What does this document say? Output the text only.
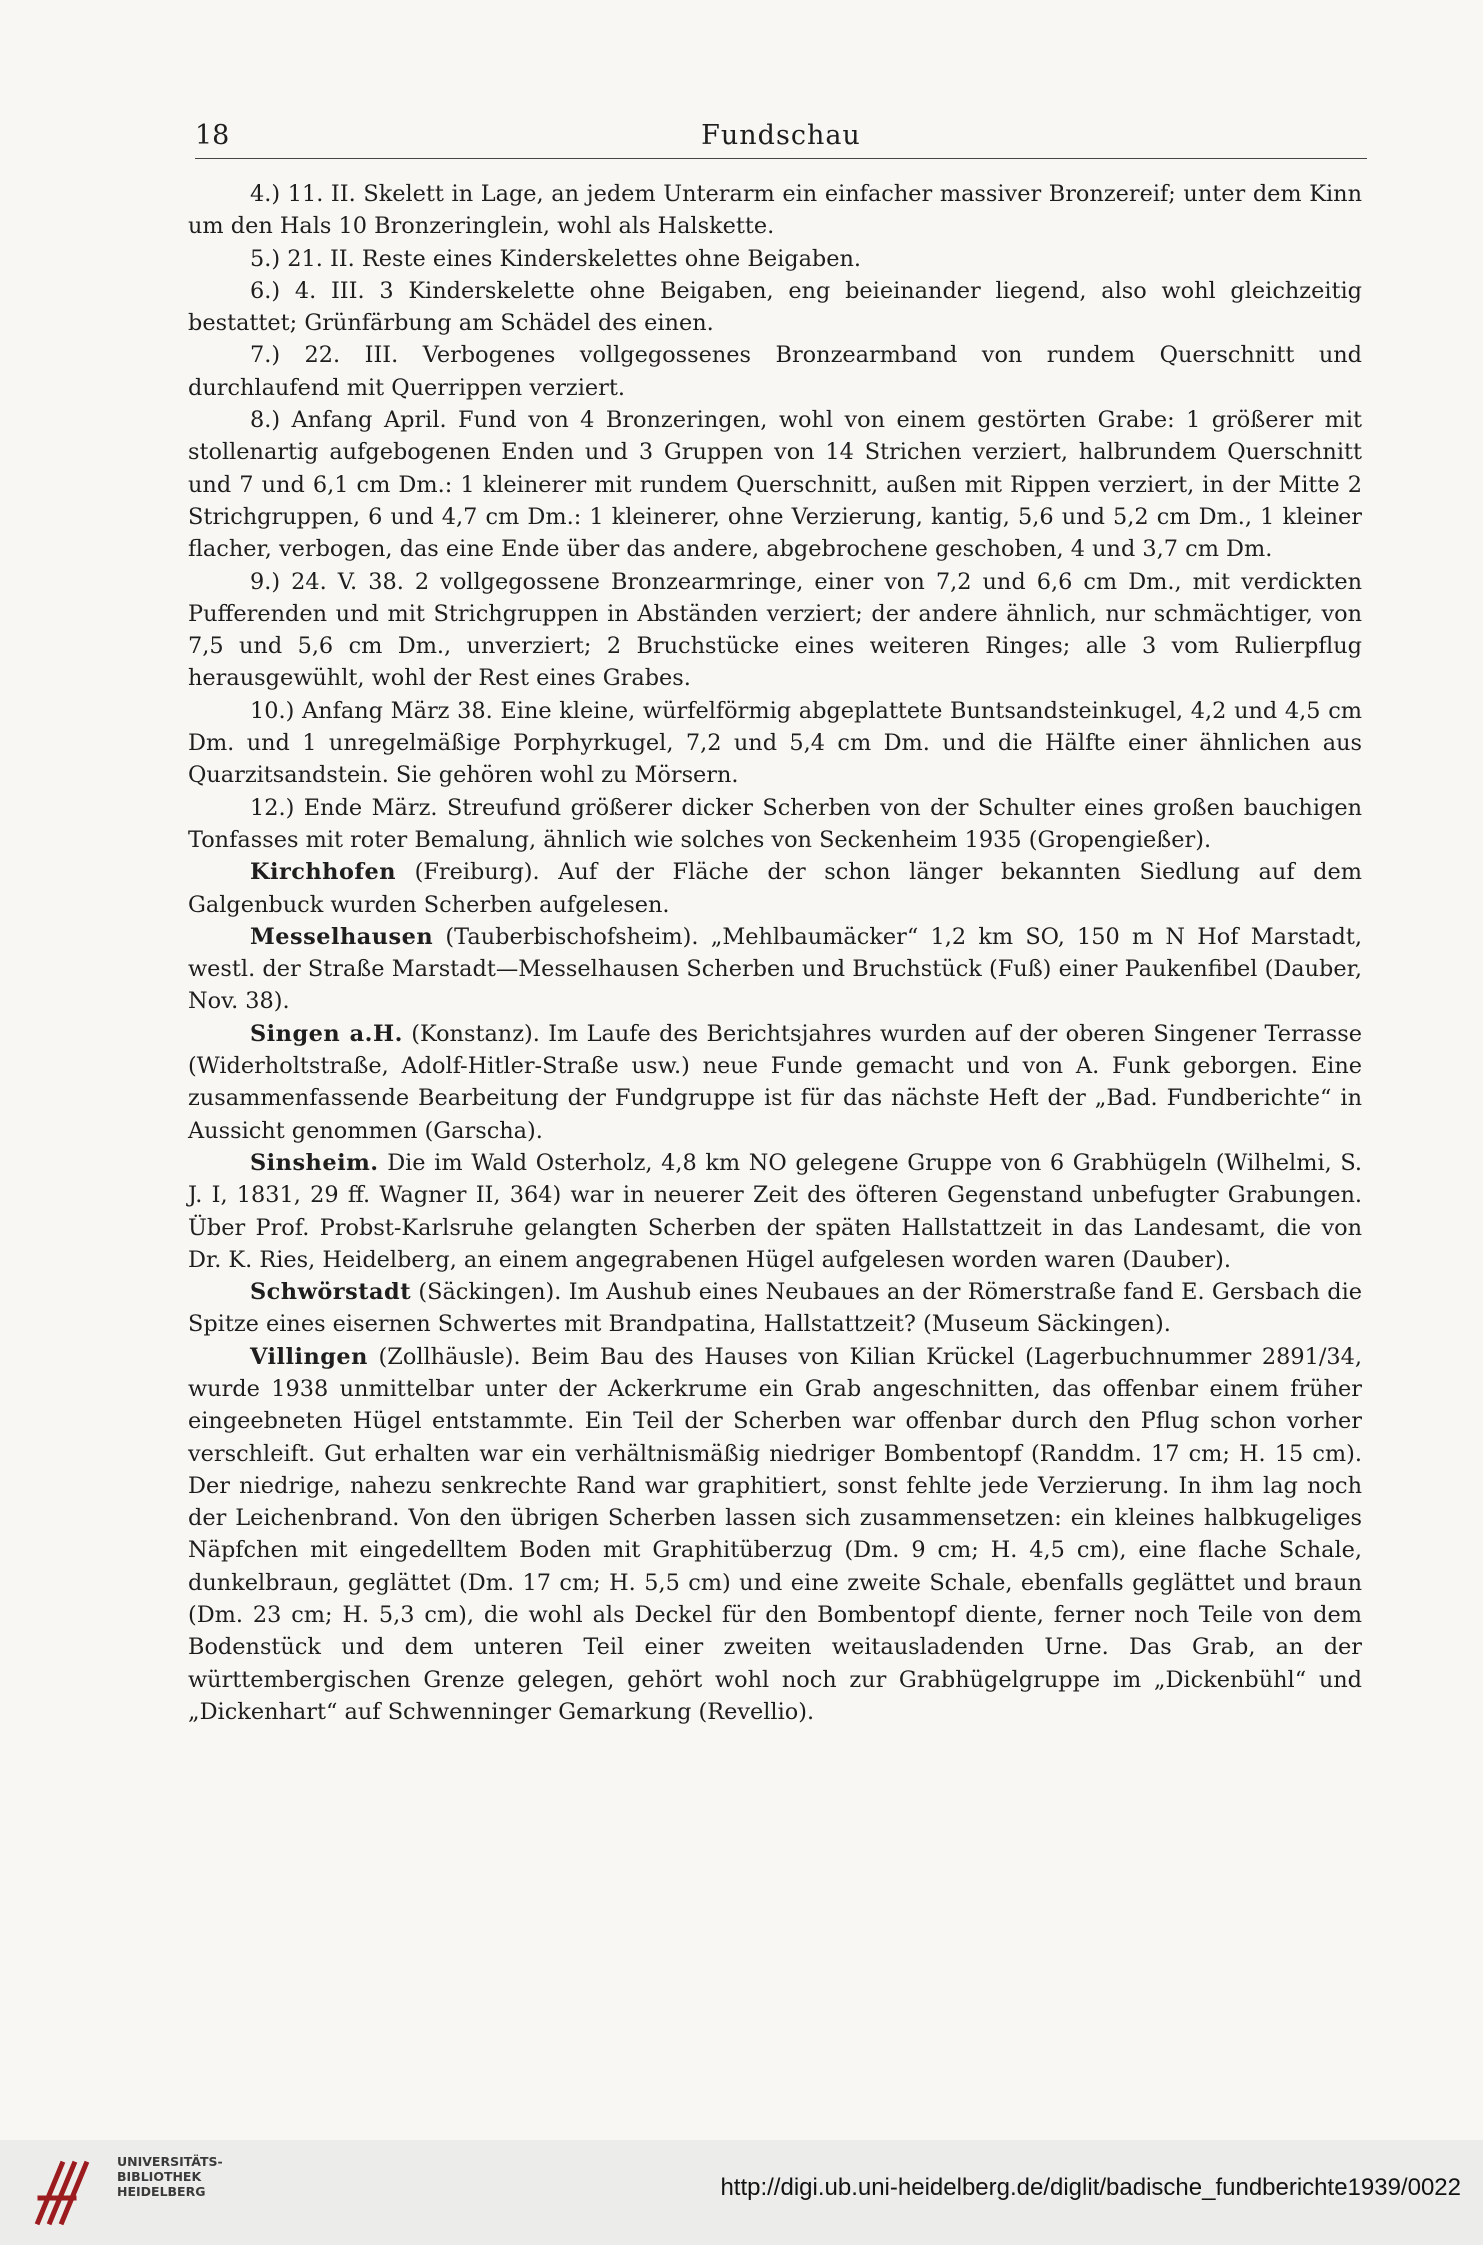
18	Fundschau

4.) 11. II. Skelett in Lage, an jedem Unterarm ein einfacher massiver Bronzereif; unter dem Kinn um den Hals 10 Bronzeringlein, wohl als Halskette.

5.) 21. II. Reste eines Kinderskelettes ohne Beigaben.

6.) 4. III. 3 Kinderskelette ohne Beigaben, eng beieinander liegend, also wohl gleichzeitig bestattet; Grünfärbung am Schädel des einen.

7.) 22. III. Verbogenes vollgegossenes Bronzearmband von rundem Querschnitt und durchlaufend mit Querrippen verziert.

8.) Anfang April. Fund von 4 Bronzeringen, wohl von einem gestörten Grabe: 1 größerer mit stollenartig aufgebogenen Enden und 3 Gruppen von 14 Strichen verziert, halbrundem Querschnitt und 7 und 6,1 cm Dm.: 1 kleinerer mit rundem Querschnitt, außen mit Rippen verziert, in der Mitte 2 Strichgruppen, 6 und 4,7 cm Dm.: 1 kleinerer, ohne Verzierung, kantig, 5,6 und 5,2 cm Dm., 1 kleiner flacher, verbogen, das eine Ende über das andere, abgebrochene geschoben, 4 und 3,7 cm Dm.

9.) 24. V. 38. 2 vollgegossene Bronzearmringe, einer von 7,2 und 6,6 cm Dm., mit verdickten Pufferenden und mit Strichgruppen in Abständen verziert; der andere ähnlich, nur schmächtiger, von 7,5 und 5,6 cm Dm., unverziert; 2 Bruchstücke eines weiteren Ringes; alle 3 vom Rulierpflug herausgewühlt, wohl der Rest eines Grabes.

10.) Anfang März 38. Eine kleine, würfelförmig abgeplattete Buntsandsteinkugel, 4,2 und 4,5 cm Dm. und 1 unregelmäßige Porphyrkugel, 7,2 und 5,4 cm Dm. und die Hälfte einer ähnlichen aus Quarzitsandstein. Sie gehören wohl zu Mörsern.

12.) Ende März. Streufund größerer dicker Scherben von der Schulter eines großen bauchigen Tonfasses mit roter Bemalung, ähnlich wie solches von Seckenheim 1935 (Gropengießer).

Kirchhofen (Freiburg). Auf der Fläche der schon länger bekannten Siedlung auf dem Galgenbuck wurden Scherben aufgelesen.

Messelhausen (Tauberbischofsheim). „Mehlbaumäcker“ 1,2 km SO, 150 m N Hof Marstadt, westl. der Straße Marstadt—Messelhausen Scherben und Bruchstück (Fuß) einer Paukenfibel (Dauber, Nov. 38).

Singen a.H. (Konstanz). Im Laufe des Berichtsjahres wurden auf der oberen Singener Terrasse (Widerholtstraße, Adolf-Hitler-Straße usw.) neue Funde gemacht und von A. Funk geborgen. Eine zusammenfassende Bearbeitung der Fundgruppe ist für das nächste Heft der „Bad. Fundberichte“ in Aussicht genommen (Garscha).

Sinsheim. Die im Wald Osterholz, 4,8 km NO gelegene Gruppe von 6 Grabhügeln (Wilhelmi, S. J. I, 1831, 29 ff. Wagner II, 364) war in neuerer Zeit des öfteren Gegenstand unbefugter Grabungen. Über Prof. Probst-Karlsruhe gelangten Scherben der späten Hallstattzeit in das Landesamt, die von Dr. K. Ries, Heidelberg, an einem angegrabenen Hügel aufgelesen worden waren (Dauber).

Schwörstadt (Säckingen). Im Aushub eines Neubaues an der Römerstraße fand E. Gersbach die Spitze eines eisernen Schwertes mit Brandpatina, Hallstattzeit? (Museum Säckingen).

Villingen (Zollhäusle). Beim Bau des Hauses von Kilian Krückel (Lagerbuchnummer 2891/34, wurde 1938 unmittelbar unter der Ackerkrume ein Grab angeschnitten, das offenbar einem früher eingeebneten Hügel entstammte. Ein Teil der Scherben war offenbar durch den Pflug schon vorher verschleift. Gut erhalten war ein verhältnismäßig niedriger Bombentopf (Randdm. 17 cm; H. 15 cm). Der niedrige, nahezu senkrechte Rand war graphitiert, sonst fehlte jede Verzierung. In ihm lag noch der Leichenbrand. Von den übrigen Scherben lassen sich zusammensetzen: ein kleines halbkugeliges Näpfchen mit eingedelltem Boden mit Graphitüberzug (Dm. 9 cm; H. 4,5 cm), eine flache Schale, dunkelbraun, geglättet (Dm. 17 cm; H. 5,5 cm) und eine zweite Schale, ebenfalls geglättet und braun (Dm. 23 cm; H. 5,3 cm), die wohl als Deckel für den Bombentopf diente, ferner noch Teile von dem Bodenstück und dem unteren Teil einer zweiten weitausladenden Urne. Das Grab, an der württembergischen Grenze gelegen, gehört wohl noch zur Grabhügelgruppe im „Dickenbühl“ und „Dickenhart“ auf Schwenninger Gemarkung (Revellio).

UNIVERSITÄTS-
BIBLIOTHEK
HEIDELBERG	http://digi.ub.uni-heidelberg.de/diglit/badische_fundberichte1939/0022
